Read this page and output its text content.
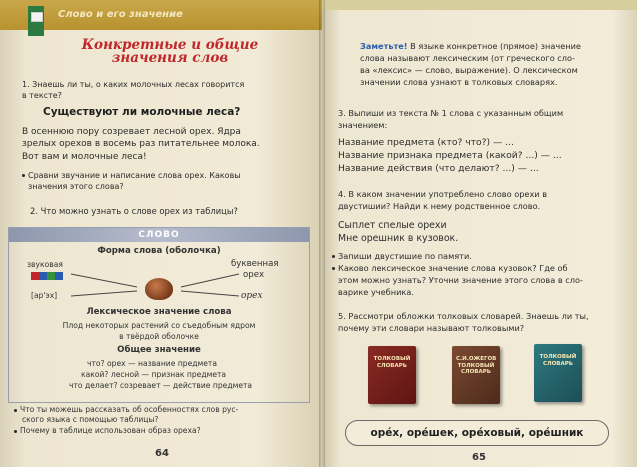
Слово и его значение
Конкретные и общие
значения слов
1. Знаешь ли ты, о каких молочных лесах говорится
в тексте?
Существуют ли молочные леса?
В осеннюю пору созревает лесной орех. Ядра
зрелых орехов в восемь раз питательнее молока.
Вот вам и молочные леса!
Сравни звучание и написание слова орех. Каковы
значения этого слова?
2. Что можно узнать о слове орех из таблицы?
СЛОВО
Форма слова (оболочка)
звуковая
[ар'эх]
буквенная
орех
орех
Лексическое значение слова
Плод некоторых растений со съедобным ядром
в твёрдой оболочке
Общее значение
что? орех — название предмета
какой? лесной — признак предмета
что делает? созревает — действие предмета
Что ты можешь рассказать об особенностях слов рус-
ского языка с помощью таблицы?
Почему в таблице использован образ ореха?
64
Заметьте! В языке конкретное (прямое) значение
слова называют лексическим (от греческого сло-
ва «лексис» — слово, выражение). О лексическом
значении слова узнают в толковых словарях.
3. Выпиши из текста № 1 слова с указанным общим
значением:
Название предмета (кто? что?) — ...
Название признака предмета (какой? ...) — ...
Название действия (что делают? ...) — ...
4. В каком значении употреблено слово орехи в
двустишии? Найди к нему родственное слово.
Сыплет спелые орехи
Мне орешник в кузовок.
Запиши двустишие по памяти.
Каково лексическое значение слова кузовок? Где об
этом можно узнать? Уточни значение этого слова в сло-
варике учебника.
5. Рассмотри обложки толковых словарей. Знаешь ли ты,
почему эти словари называют толковыми?
ТОЛКОВЫЙ СЛОВАРЬ
С.И.ОЖЕГОВ ТОЛКОВЫЙ СЛОВАРЬ
ТОЛКОВЫЙ СЛОВАРЬ
65
орéх, орéшек, орéховый, орéшник
